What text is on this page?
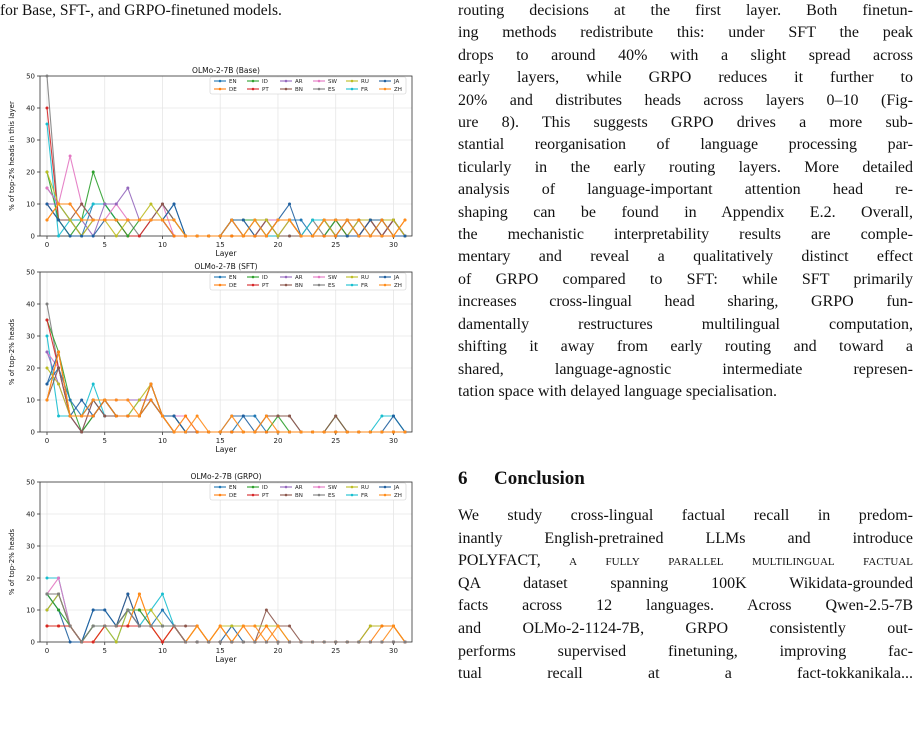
for Base, SFT-, and GRPO-finetuned models.
0	5	10	15	20	25	30
0
10
20
30
40
50
OLMo-2-7B (Base)
Layer
% of top-2% heads in this layer
EN	ID	AR	SW	RU	JA
DE	PT	BN	ES	FR	ZH
0	5	10	15	20	25	30
0
10
20
30
40
50
OLMo-2-7B (SFT)
Layer
% of top-2% heads
EN	ID	AR	SW	RU	JA
DE	PT	BN	ES	FR	ZH
0	5	10	15	20	25	30
0
10
20
30
40
50
OLMo-2-7B (GRPO)
Layer
% of top-2% heads
EN	ID	AR	SW	RU	JA
DE	PT	BN	ES	FR	ZH

routing decisions at the first layer. Both finetun-
ing methods redistribute this: under SFT the peak
drops to around 40% with a slight spread across
early layers, while GRPO reduces it further to
20% and distributes heads across layers 0–10 (Fig-
ure 8). This suggests GRPO drives a more sub-
stantial reorganisation of language processing par-
ticularly in the early routing layers. More detailed
analysis of language-important attention head re-
shaping can be found in Appendix E.2. Overall,
the mechanistic interpretability results are comple-
mentary and reveal a qualitatively distinct effect
of GRPO compared to SFT: while SFT primarily
increases cross-lingual head sharing, GRPO fun-
damentally restructures multilingual computation,
shifting it away from early routing and toward a
shared, language-agnostic intermediate represen-
tation space with delayed language specialisation.

6 Conclusion
We study cross-lingual factual recall in predom-
inantly English-pretrained LLMs and introduce
POLYFACT, a fully parallel multilingual factual
QA dataset spanning 100K Wikidata-grounded
facts across 12 languages. Across Qwen-2.5-7B
and OLMo-2-1124-7B, GRPO consistently out-
performs supervised finetuning, improving fac-
tual recall at a fact-tokkanikala...
